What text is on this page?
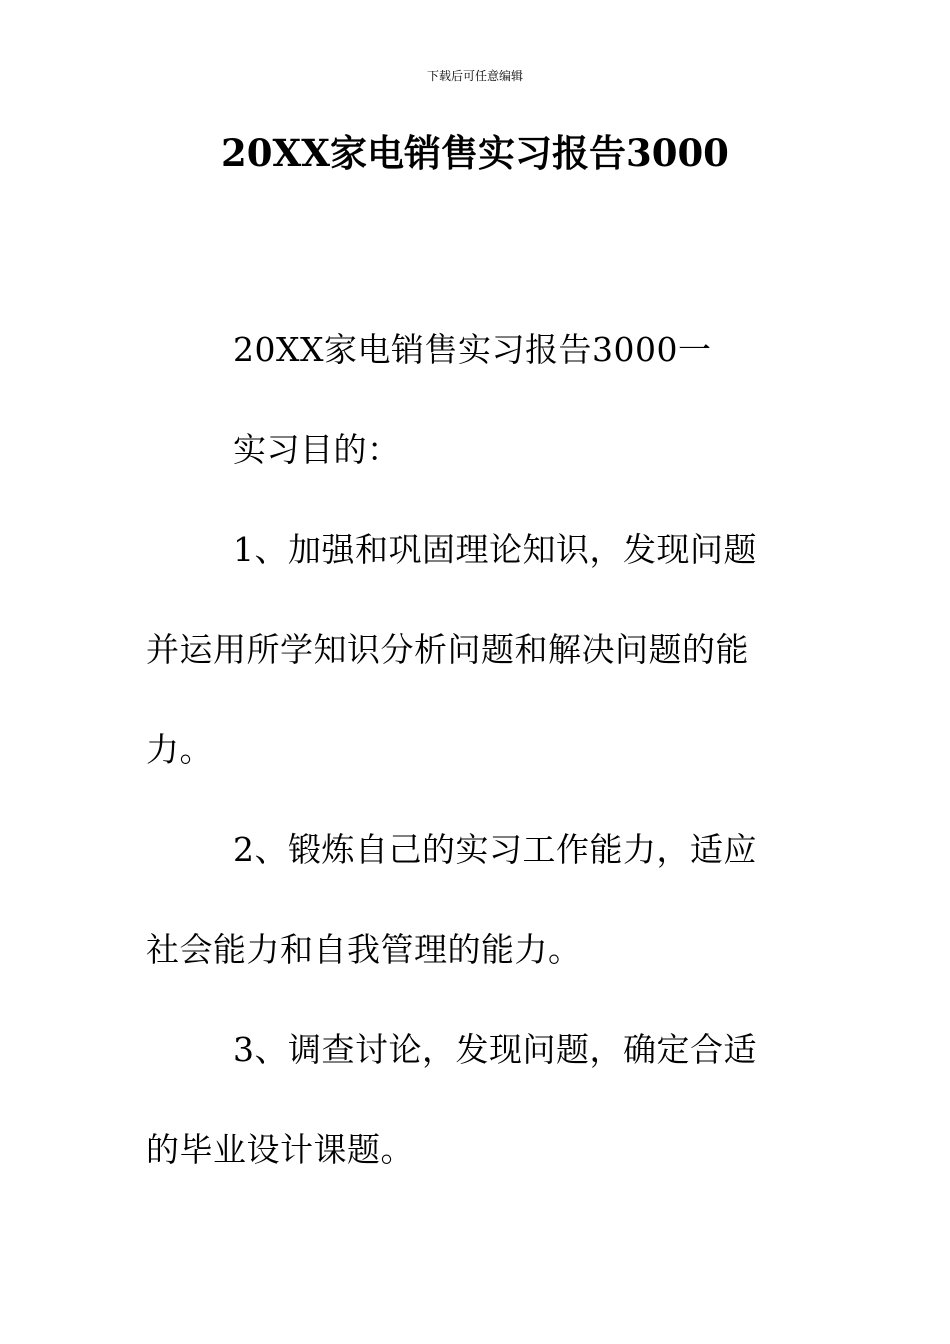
下载后可任意编辑
20XX家电销售实习报告3000

20XX家电销售实习报告3000一

实习目的：

1、加强和巩固理论知识，发现问题并运用所学知识分析问题和解决问题的能力。

2、锻炼自己的实习工作能力，适应社会能力和自我管理的能力。

3、调查讨论，发现问题，确定合适的毕业设计课题。
